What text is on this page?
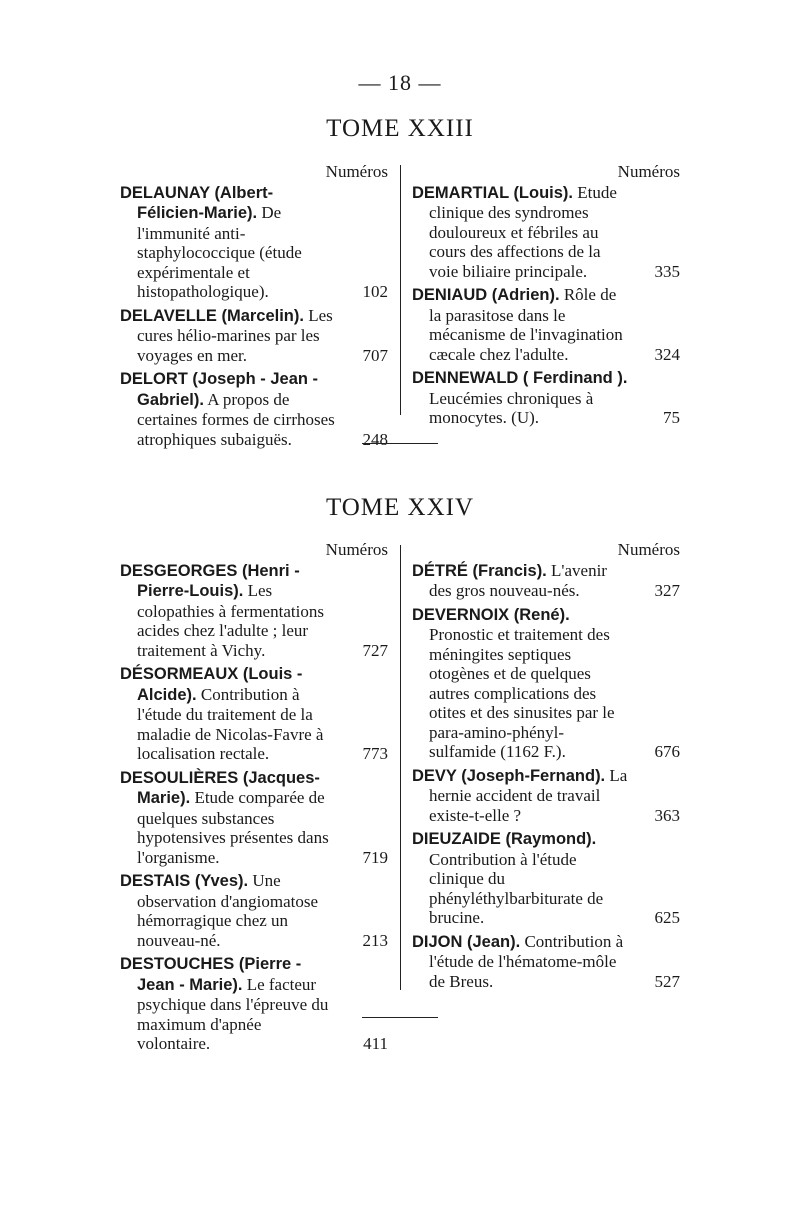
— 18 —
TOME XXIII
Numéros
DELAUNAY (Albert-Félicien-Marie). De l'immunité anti-staphylococcique (étude expérimentale et histopathologique).	102
DELAVELLE (Marcelin). Les cures hélio-marines par les voyages en mer.	707
DELORT (Joseph - Jean - Gabriel). A propos de certaines formes de cirrhoses atrophiques subaiguës.	248
Numéros
DEMARTIAL (Louis). Etude clinique des syndromes douloureux et fébriles au cours des affections de la voie biliaire principale.	335
DENIAUD (Adrien). Rôle de la parasitose dans le mécanisme de l'invagination cæcale chez l'adulte.	324
DENNEWALD ( Ferdinand ). Leucémies chroniques à monocytes. (U).	75
TOME XXIV
Numéros
DESGEORGES (Henri - Pierre-Louis). Les colopathies à fermentations acides chez l'adulte ; leur traitement à Vichy.	727
DÉSORMEAUX (Louis - Alcide). Contribution à l'étude du traitement de la maladie de Nicolas-Favre à localisation rectale.	773
DESOULIÈRES (Jacques-Marie). Etude comparée de quelques substances hypotensives présentes dans l'organisme.	719
DESTAIS (Yves). Une observation d'angiomatose hémorragique chez un nouveau-né.	213
DESTOUCHES (Pierre - Jean - Marie). Le facteur psychique dans l'épreuve du maximum d'apnée volontaire.	411
Numéros
DÉTRÉ (Francis). L'avenir des gros nouveau-nés.	327
DEVERNOIX (René). Pronostic et traitement des méningites septiques otogènes et de quelques autres complications des otites et des sinusites par le para-amino-phényl-sulfamide (1162 F.).	676
DEVY (Joseph-Fernand). La hernie accident de travail existe-t-elle ?	363
DIEUZAIDE (Raymond). Contribution à l'étude clinique du phényléthylbarbiturate de brucine.	625
DIJON (Jean). Contribution à l'étude de l'hématome-môle de Breus.	527
